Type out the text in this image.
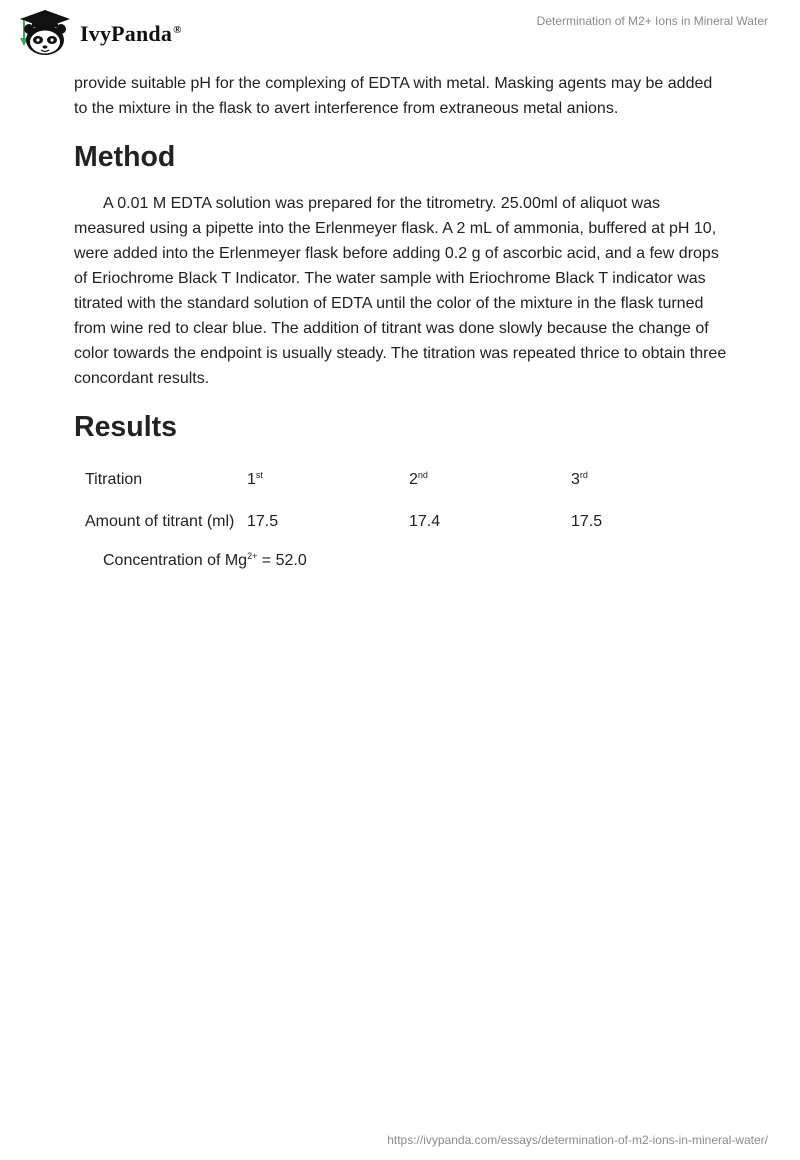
IvyPanda®
Determination of M2+ Ions in Mineral Water

provide suitable pH for the complexing of EDTA with metal. Masking agents may be added to the mixture in the flask to avert interference from extraneous metal anions.

Method

A 0.01 M EDTA solution was prepared for the titrometry. 25.00ml of aliquot was measured using a pipette into the Erlenmeyer flask. A 2 mL of ammonia, buffered at pH 10, were added into the Erlenmeyer flask before adding 0.2 g of ascorbic acid, and a few drops of Eriochrome Black T Indicator. The water sample with Eriochrome Black T indicator was titrated with the standard solution of EDTA until the color of the mixture in the flask turned from wine red to clear blue. The addition of titrant was done slowly because the change of color towards the endpoint is usually steady. The titration was repeated thrice to obtain three concordant results.

Results
Titration	1st	2nd	3rd
Amount of titrant (ml)	17.5	17.4	17.5

Concentration of $Mg^{2+} = 52.0$

https://ivypanda.com/essays/determination-of-m2-ions-in-mineral-water/
